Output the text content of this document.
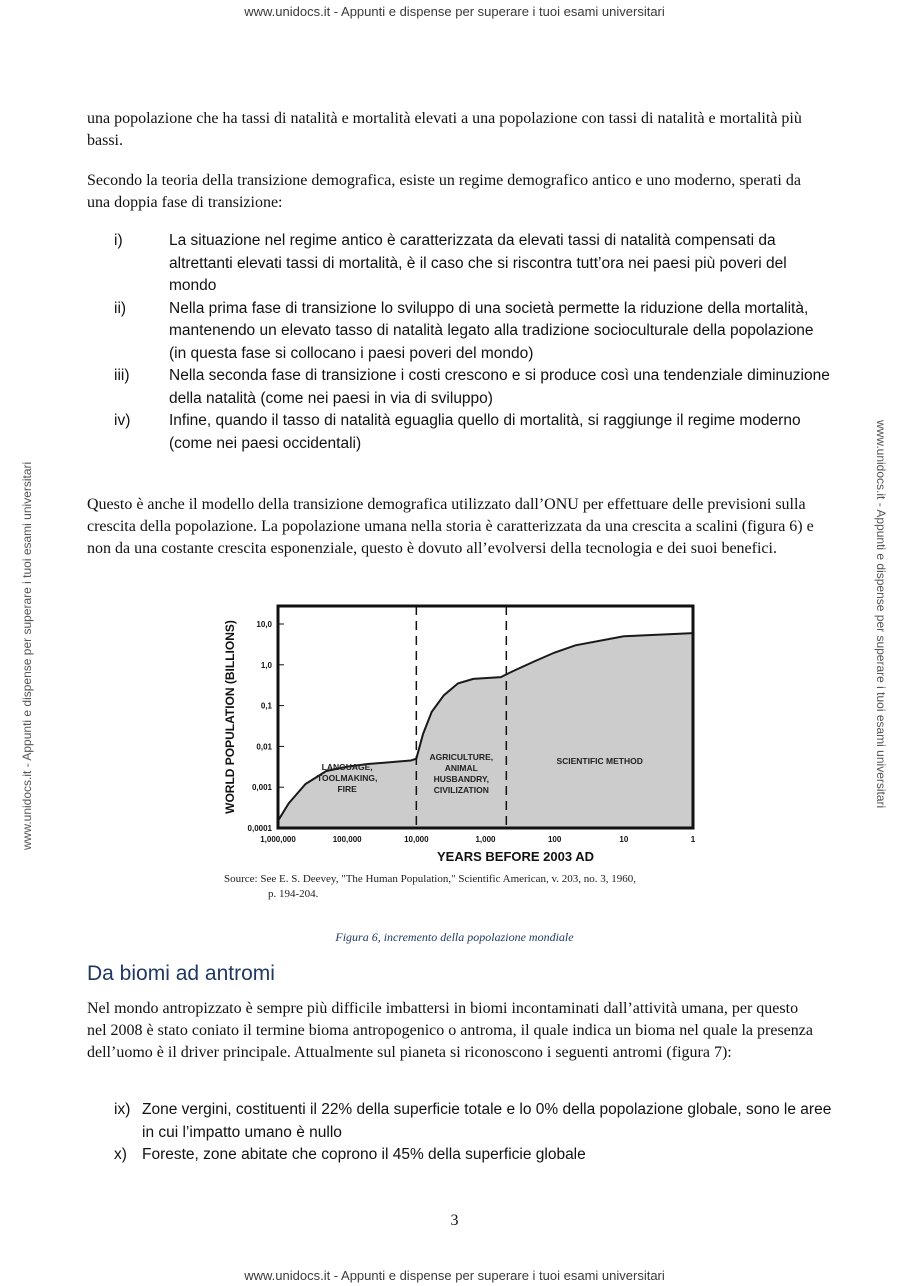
www.unidocs.it - Appunti e dispense per superare i tuoi esami universitari
www.unidocs.it - Appunti e dispense per superare i tuoi esami universitari	www.unidocs.it - Appunti e dispense per superare i tuoi esami universitari

una popolazione che ha tassi di natalità e mortalità elevati a una popolazione con tassi di natalità e mortalità più bassi.

Secondo la teoria della transizione demografica, esiste un regime demografico antico e uno moderno, sperati da una doppia fase di transizione:

i)	La situazione nel regime antico è caratterizzata da elevati tassi di natalità compensati da altrettanti elevati tassi di mortalità, è il caso che si riscontra tutt’ora nei paesi più poveri del mondo
ii)	Nella prima fase di transizione lo sviluppo di una società permette la riduzione della mortalità, mantenendo un elevato tasso di natalità legato alla tradizione socioculturale della popolazione (in questa fase si collocano i paesi poveri del mondo)
iii)	Nella seconda fase di transizione i costi crescono e si produce così una tendenziale diminuzione della natalità (come nei paesi in via di sviluppo)
iv)	Infine, quando il tasso di natalità eguaglia quello di mortalità, si raggiunge il regime moderno (come nei paesi occidentali)

Questo è anche il modello della transizione demografica utilizzato dall’ONU per effettuare delle previsioni sulla crescita della popolazione. La popolazione umana nella storia è caratterizzata da una crescita a scalini (figura 6) e non da una costante crescita esponenziale, questo è dovuto all’evolversi della tecnologia e dei suoi benefici.

LANGUAGE,
TOOLMAKING,
FIRE
AGRICULTURE,
ANIMAL
HUSBANDRY,
CIVILIZATION
SCIENTIFIC METHOD
0,0001
0,001
0,01
0,1
1,0
10,0
1,000,000	100,000	10,000	1,000	100	10	1
YEARS BEFORE 2003 AD
WORLD POPULATION (BILLIONS)
Source: See E. S. Deevey, "The Human Population," Scientific American, v. 203, no. 3, 1960,
p. 194-204.
Figura 6, incremento della popolazione mondiale
Da biomi ad antromi

Nel mondo antropizzato è sempre più difficile imbattersi in biomi incontaminati dall’attività umana, per questo nel 2008 è stato coniato il termine bioma antropogenico o antroma, il quale indica un bioma nel quale la presenza dell’uomo è il driver principale. Attualmente sul pianeta si riconoscono i seguenti antromi (figura 7):

ix) Zone vergini, costituenti il 22% della superficie totale e lo 0% della popolazione globale, sono le aree in cui l’impatto umano è nullo
x) Foreste, zone abitate che coprono il 45% della superficie globale
3
www.unidocs.it - Appunti e dispense per superare i tuoi esami universitari
